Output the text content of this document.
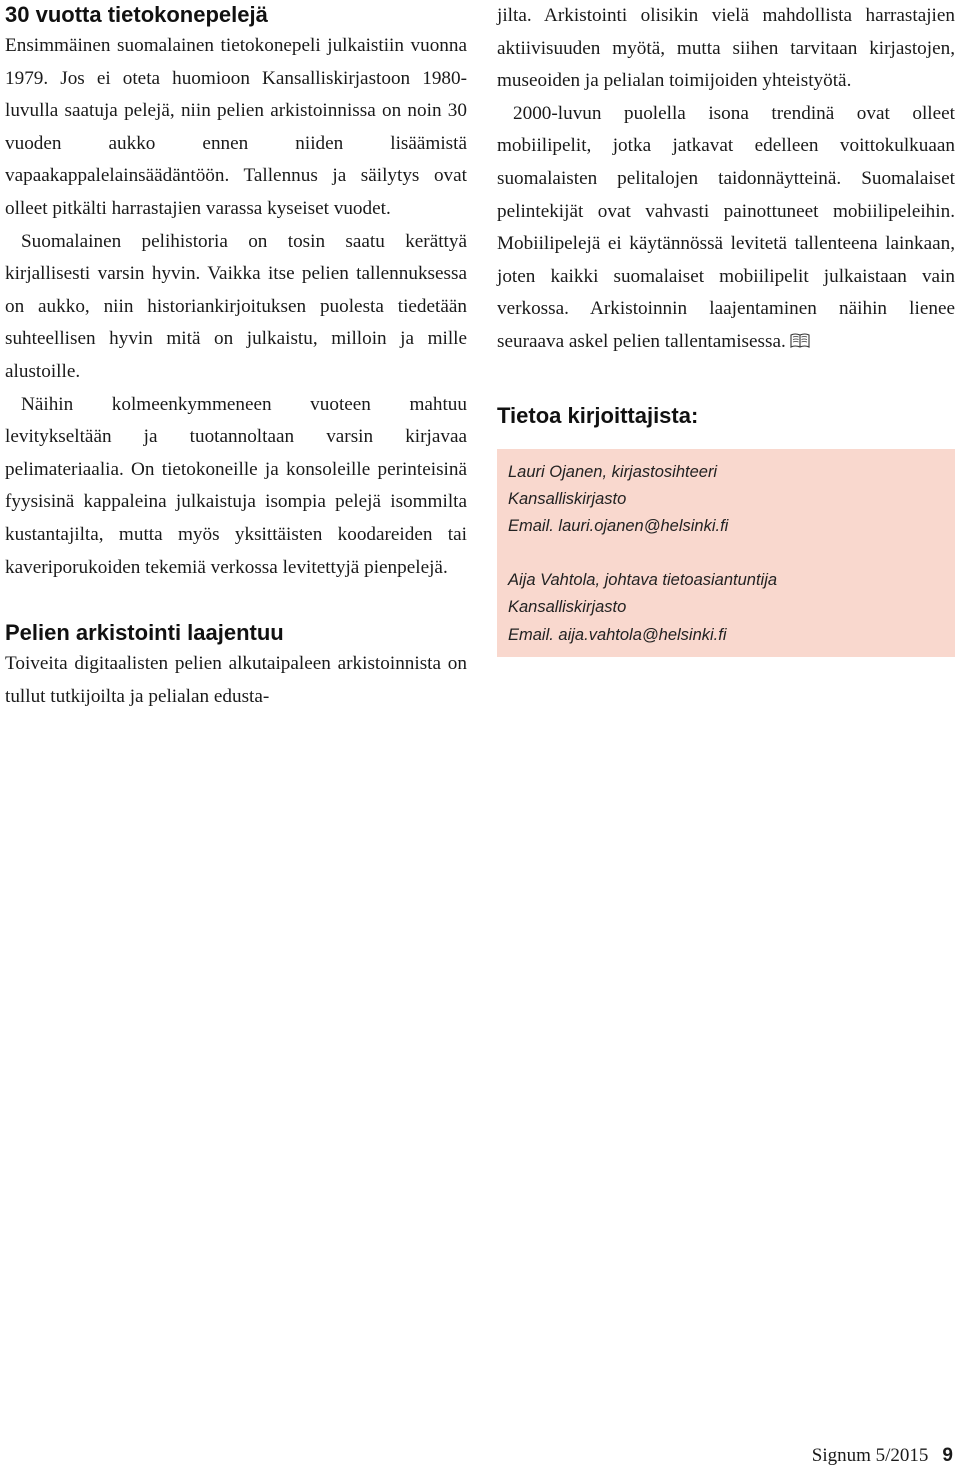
30 vuotta tietokonepelejä

Ensimmäinen suomalainen tietokonepeli julkaistiin vuonna 1979. Jos ei oteta huomioon Kansalliskirjastoon 1980-luvulla saatuja pelejä, niin pelien arkistoinnissa on noin 30 vuoden aukko ennen niiden lisäämistä vapaakappalelainsäädäntöön. Tallennus ja säilytys ovat olleet pitkälti harrastajien varassa kyseiset vuodet.

Suomalainen pelihistoria on tosin saatu kerättyä kirjallisesti varsin hyvin. Vaikka itse pelien tallennuksessa on aukko, niin historiankirjoituksen puolesta tiedetään suhteellisen hyvin mitä on julkaistu, milloin ja mille alustoille.

Näihin kolmeenkymmeneen vuoteen mahtuu levitykseltään ja tuotannoltaan varsin kirjavaa pelimateriaalia. On tietokoneille ja konsoleille perinteisinä fyysisinä kappaleina julkaistuja isompia pelejä isommilta kustantajilta, mutta myös yksittäisten koodareiden tai kaveriporukoiden tekemiä verkossa levitettyjä pienpelejä.

Pelien arkistointi laajentuu

Toiveita digitaalisten pelien alkutaipaleen arkistoinnista on tullut tutkijoilta ja pelialan edusta-

jilta. Arkistointi olisikin vielä mahdollista harrastajien aktiivisuuden myötä, mutta siihen tarvitaan kirjastojen, museoiden ja pelialan toimijoiden yhteistyötä.

2000-luvun puolella isona trendinä ovat olleet mobiilipelit, jotka jatkavat edelleen voittokulkuaan suomalaisten pelitalojen taidonnäytteinä. Suomalaiset pelintekijät ovat vahvasti painottuneet mobiilipeleihin. Mobiilipelejä ei käytännössä levitetä tallenteena lainkaan, joten kaikki suomalaiset mobiilipelit julkaistaan vain verkossa. Arkistoinnin laajentaminen näihin lienee seuraava askel pelien tallentamisessa.

Tietoa kirjoittajista:
Lauri Ojanen, kirjastosihteeri
Kansalliskirjasto
Email. lauri.ojanen@helsinki.fi
Aija Vahtola, johtava tietoasiantuntija
Kansalliskirjasto
Email. aija.vahtola@helsinki.fi
Signum 5/2015 9
